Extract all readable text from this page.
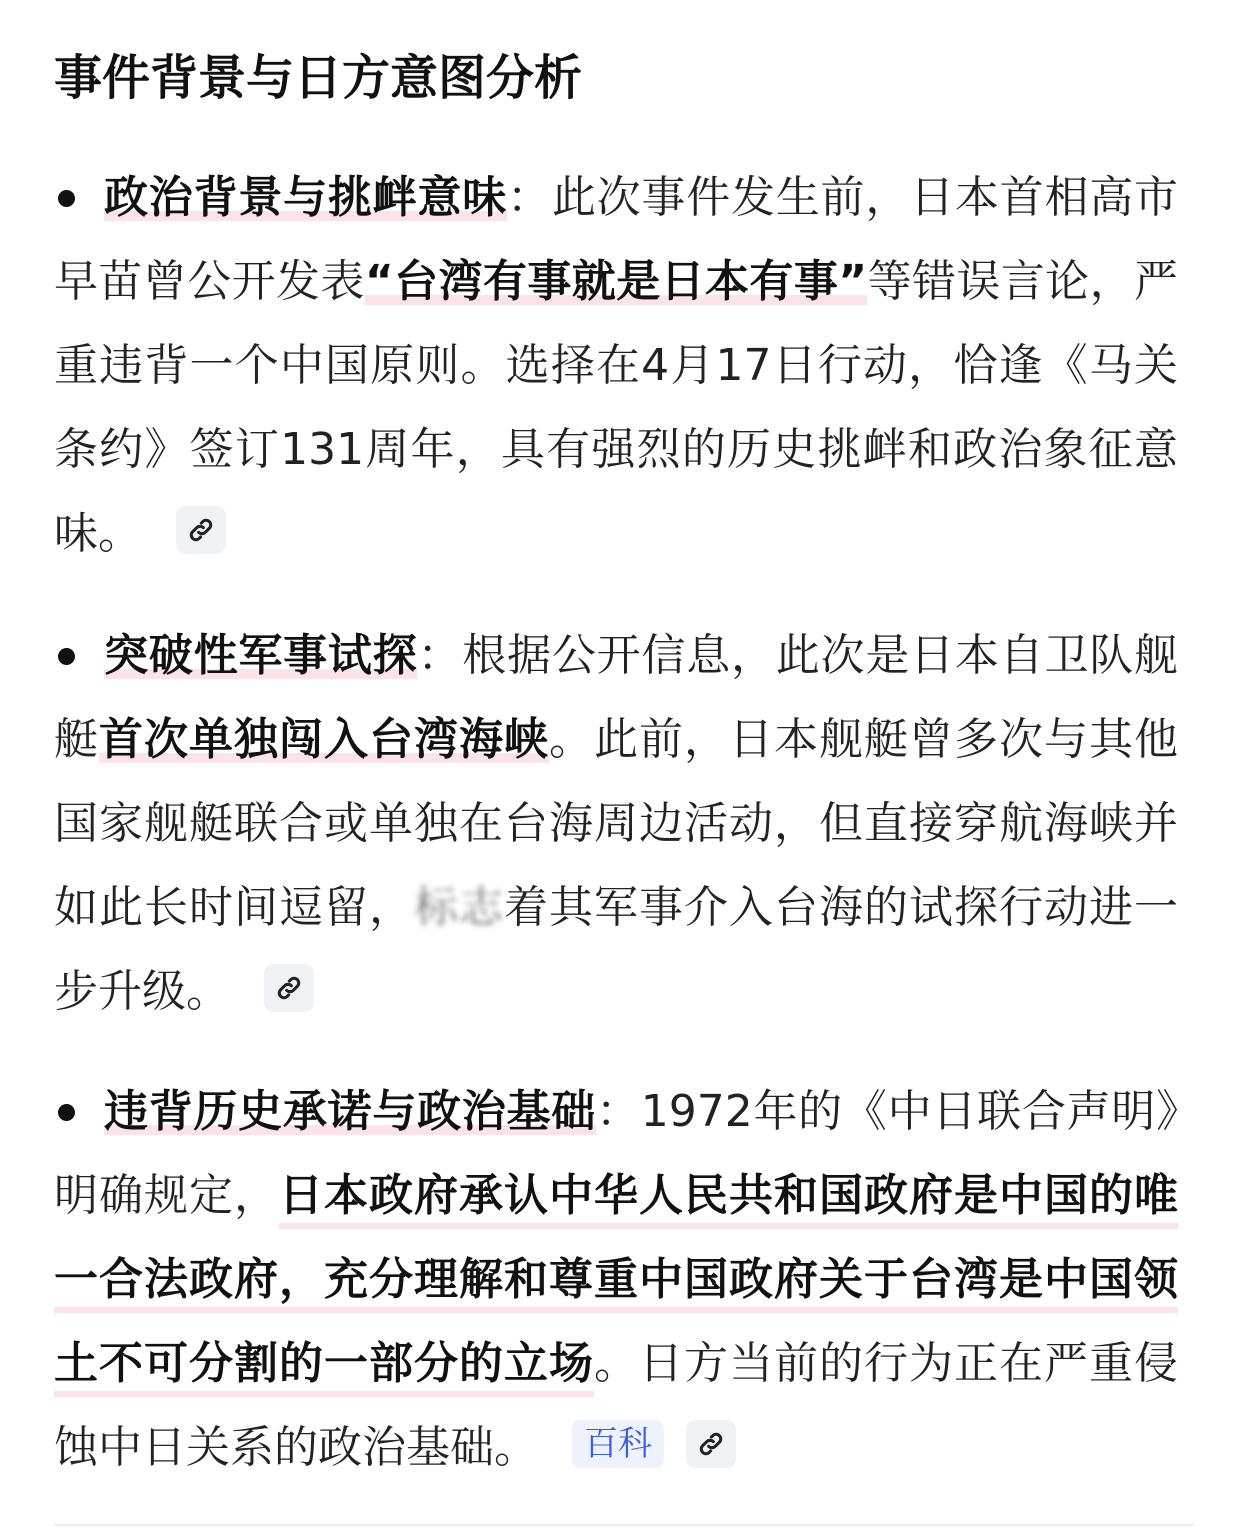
事件背景与日方意图分析

政治背景与挑衅意味：此次事件发生前，日本首相高市早苗曾公开发表“台湾有事就是日本有事”等错误言论，严重违背一个中国原则。选择在4月17日行动，恰逢《马关条约》签订131周年，具有强烈的历史挑衅和政治象征意味。

突破性军事试探：根据公开信息，此次是日本自卫队舰艇首次单独闯入台湾海峡。此前，日本舰艇曾多次与其他国家舰艇联合或单独在台海周边活动，但直接穿航海峡并如此长时间逗留，标志着其军事介入台海的试探行动进一步升级。

违背历史承诺与政治基础：1972年的《中日联合声明》明确规定，日本政府承认中华人民共和国政府是中国的唯一合法政府，充分理解和尊重中国政府关于台湾是中国领土不可分割的一部分的立场。日方当前的行为正在严重侵蚀中日关系的政治基础。 百科
